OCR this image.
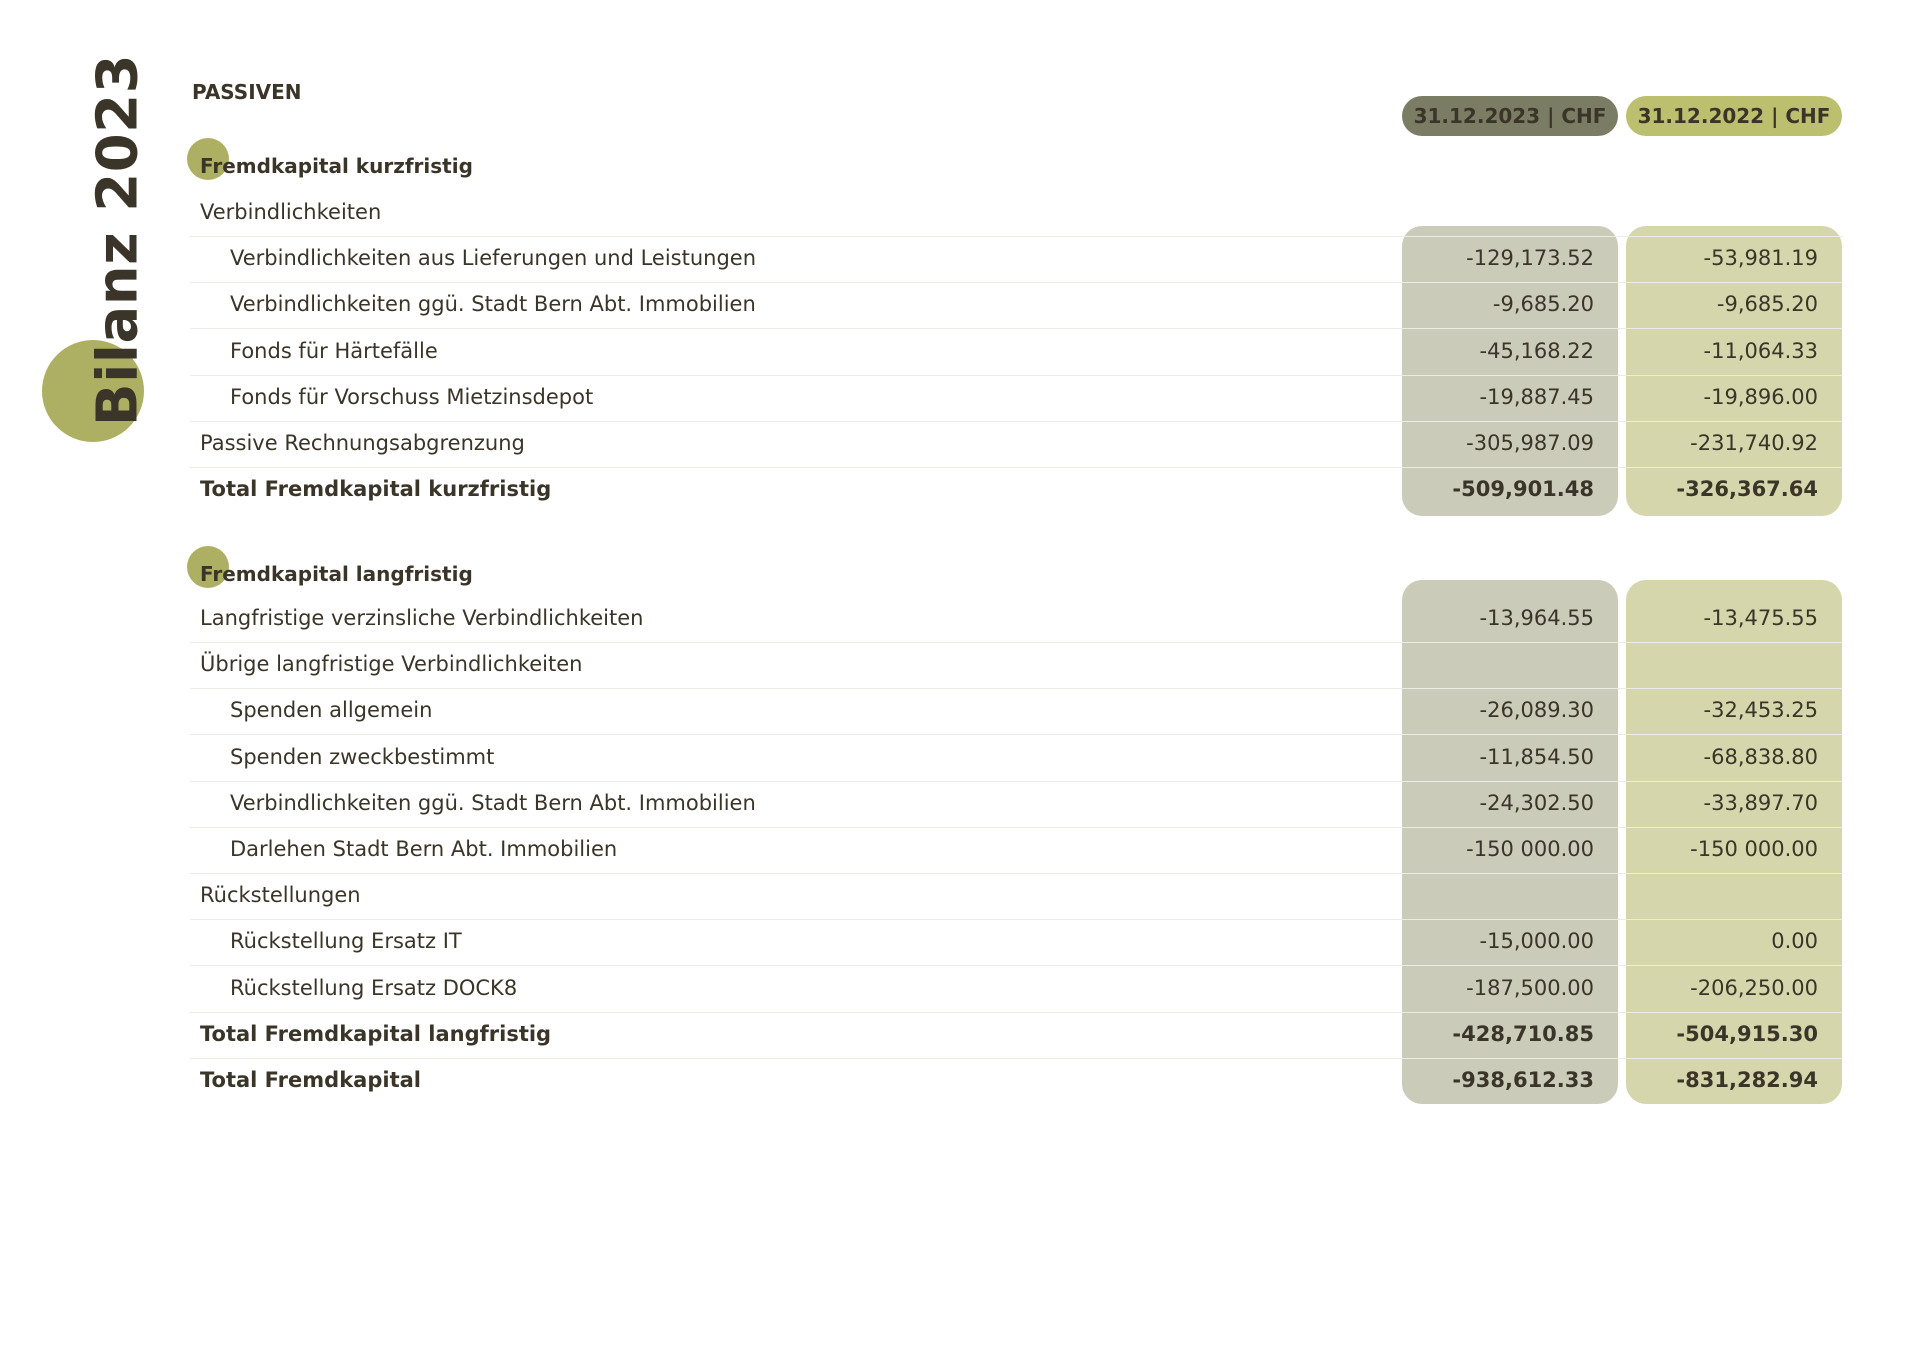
Bilanz 2023 PASSIVEN
31.12.2023 | CHF	31.12.2022 | CHF
Fremdkapital kurzfristig
Verbindlichkeiten
Verbindlichkeiten aus Lieferungen und Leistungen	-129,173.52	-53,981.19
Verbindlichkeiten ggü. Stadt Bern Abt. Immobilien	-9,685.20	-9,685.20
Fonds für Härtefälle	-45,168.22	-11,064.33
Fonds für Vorschuss Mietzinsdepot	-19,887.45	-19,896.00
Passive Rechnungsabgrenzung	-305,987.09	-231,740.92
Total Fremdkapital kurzfristig	-509,901.48	-326,367.64
Fremdkapital langfristig
Langfristige verzinsliche Verbindlichkeiten	-13,964.55	-13,475.55
Übrige langfristige Verbindlichkeiten
Spenden allgemein	-26,089.30	-32,453.25
Spenden zweckbestimmt	-11,854.50	-68,838.80
Verbindlichkeiten ggü. Stadt Bern Abt. Immobilien	-24,302.50	-33,897.70
Darlehen Stadt Bern Abt. Immobilien	-150 000.00	-150 000.00
Rückstellungen
Rückstellung Ersatz IT	-15,000.00	0.00
Rückstellung Ersatz DOCK8	-187,500.00	-206,250.00
Total Fremdkapital langfristig	-428,710.85	-504,915.30
Total Fremdkapital	-938,612.33	-831,282.94
